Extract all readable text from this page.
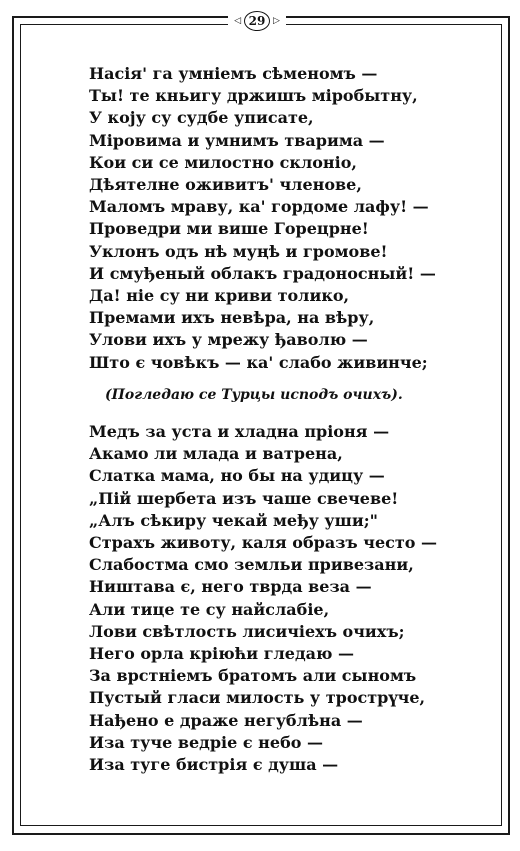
◁ 29 ▷
Насія' га умніемъ сѣменомъ —
Ты! те кньигу држишъ міробытну,
У коју су судбе уписате,
Міровима и умнимъ тварима —
Кои си се милостно склоніо,
Дѣятелне оживитъ' членове,
Маломъ мраву, ка' гордоме лафу! —
Проведри ми више Горецрне!
Уклонъ одъ нѣ муңѣ и громове!
И смуђеный облакъ градоносный! —
Да! ніе су ни криви толико,
Премами ихъ невѣра, на вѣру,
Улови ихъ у мрежу ђаволю —
Што є човѣкъ — ка' слабо живинче;
(Погледаю се Турцы исподъ очихъ).
Медъ за уста и хладна пріоня —
Акамо ли млада и ватрена,
Слатка мама, но бы на удицу —
„Пій шербета изъ чаше свечеве!
„Алъ сѣкиру чекай међу уши;"
Страхъ животу, каля образъ често —
Слабостма смо земльи привезани,
Ништава є, него тврда веза —
Али тице те су найслабіе,
Лови свѣтлость лисичіехъ очихъ;
Него орла кріюћи гледаю —
За врстніемъ братомъ али сыномъ
Пустый гласи милость у трострүче,
Нађено е драже негублѣна —
Иза туче ведріе є небо —
Иза туге бистрія є душа —
